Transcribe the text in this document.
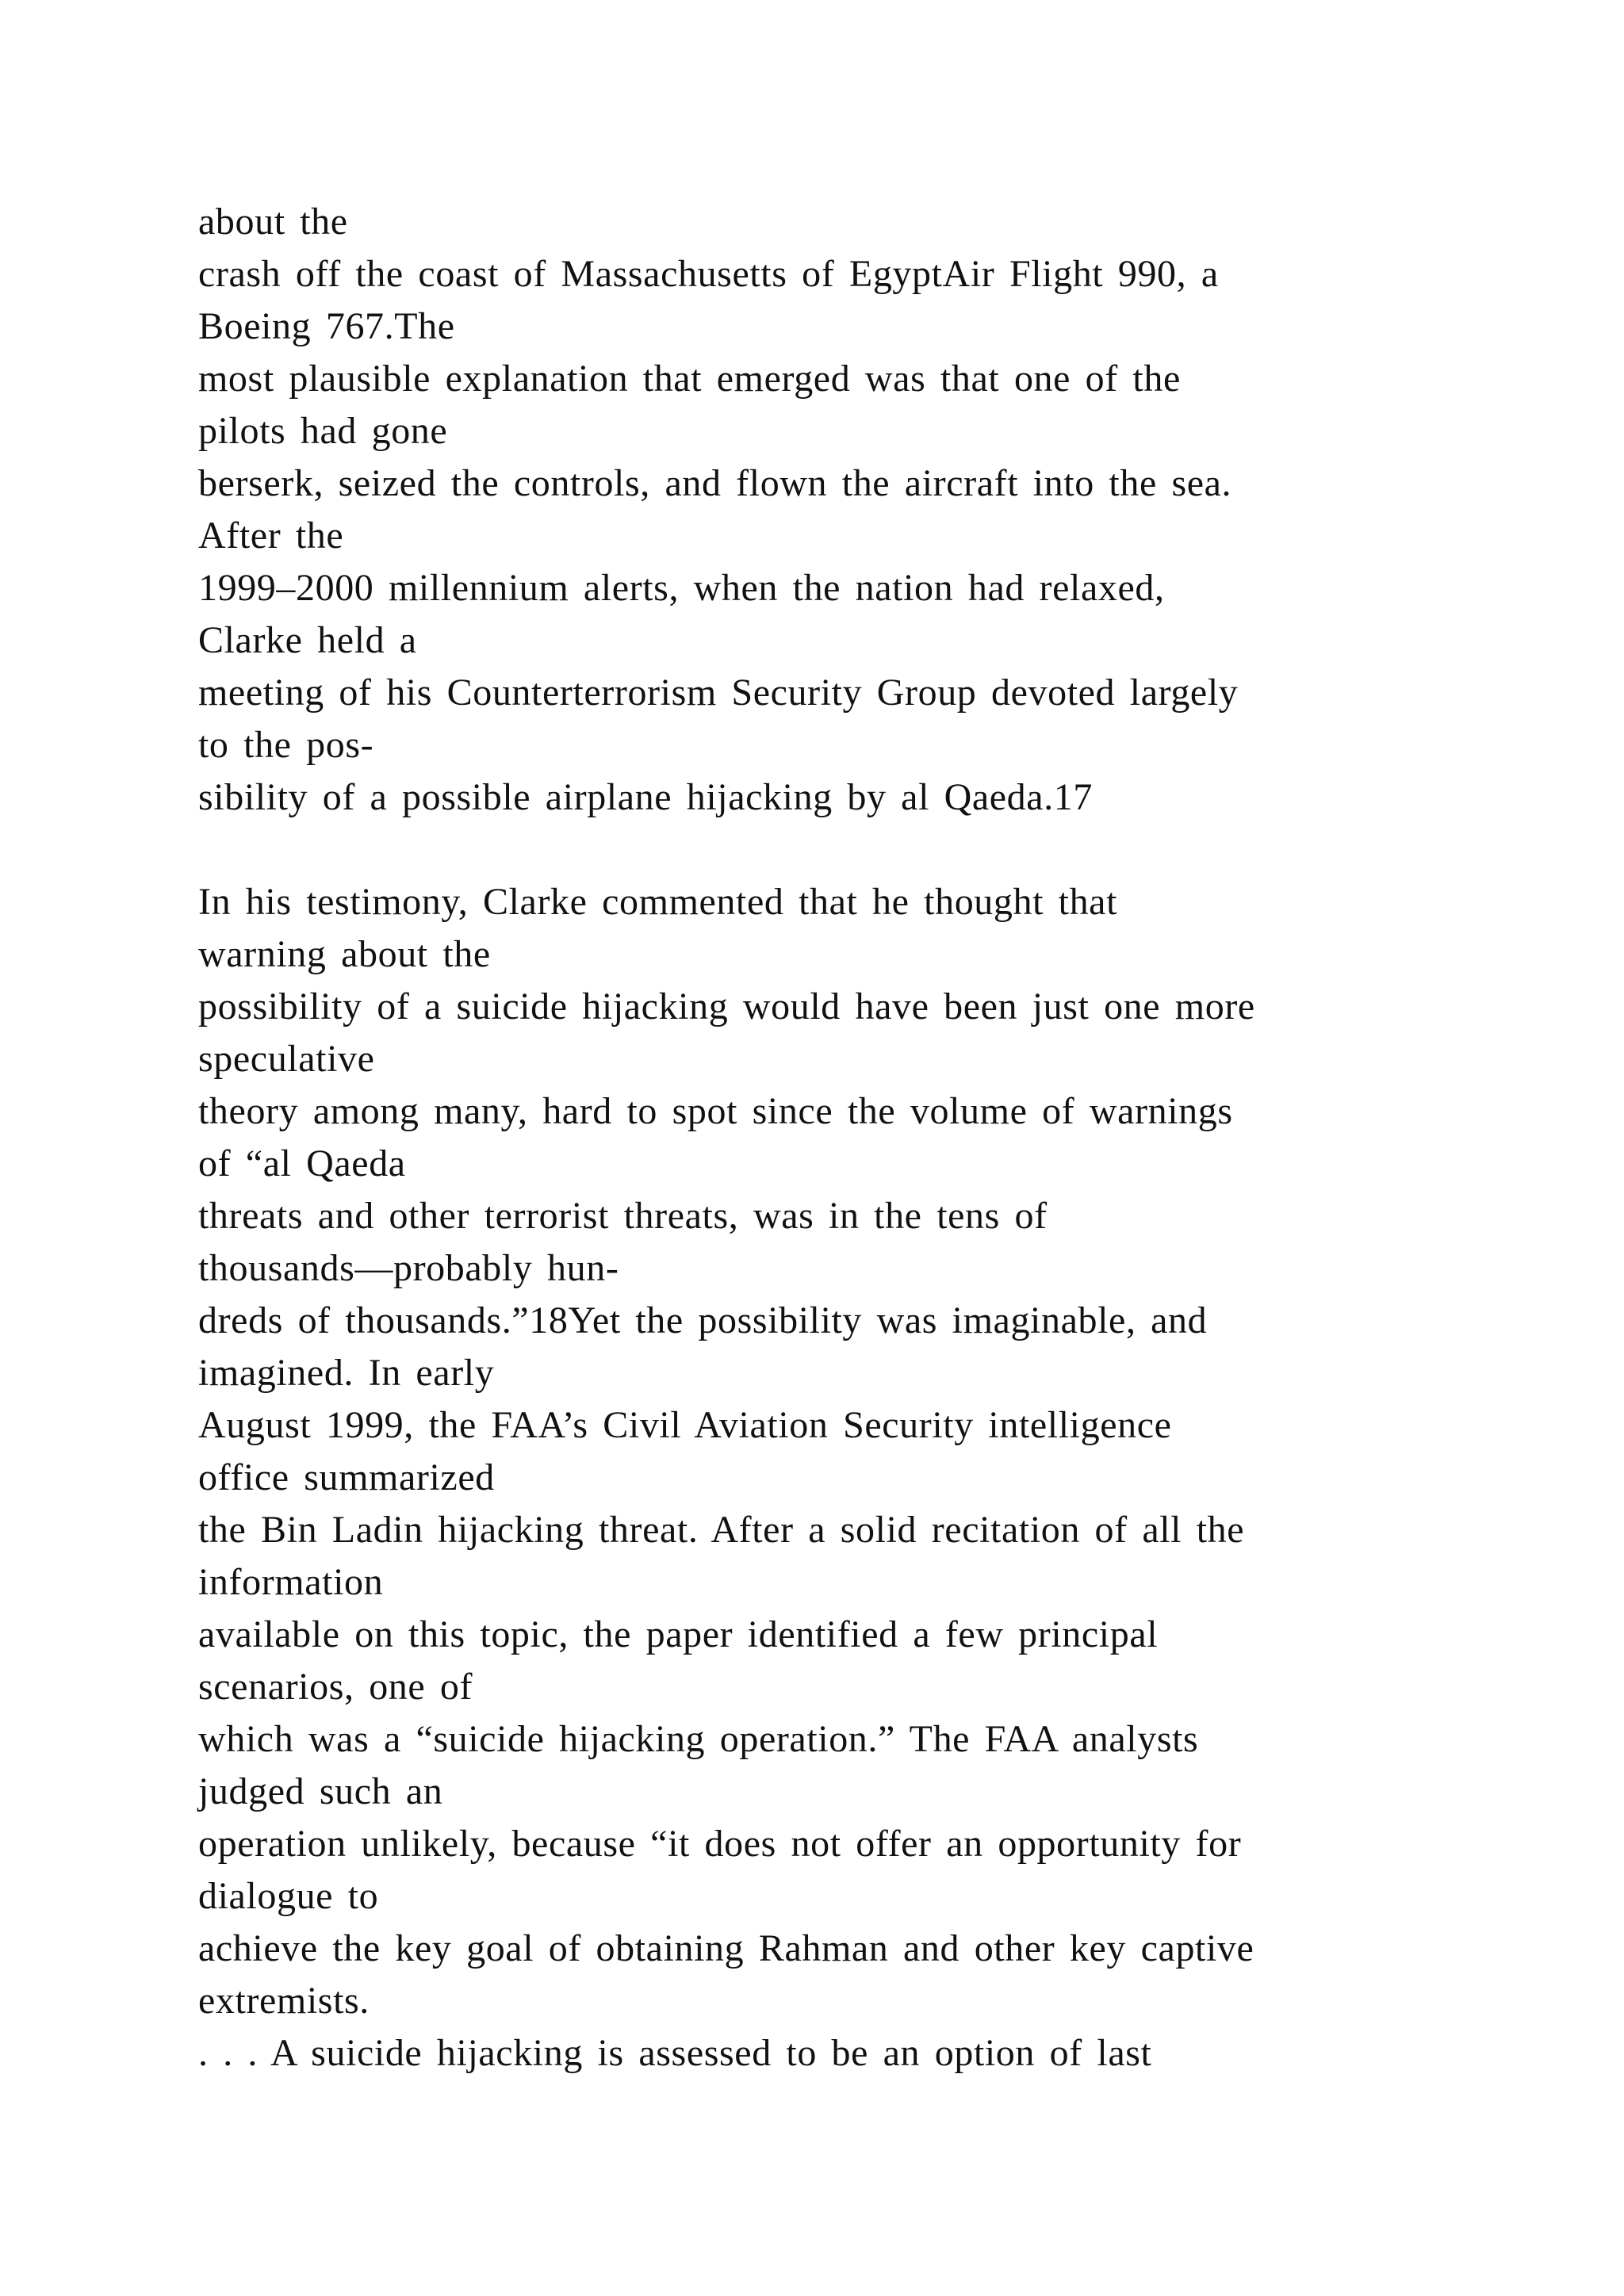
about the
crash off the coast of Massachusetts of EgyptAir Flight 990, a
Boeing 767.The
most plausible explanation that emerged was that one of the
pilots had gone
berserk, seized the controls, and flown the aircraft into the sea.
After the
1999–2000 millennium alerts, when the nation had relaxed,
Clarke held a
meeting of his Counterterrorism Security Group devoted largely
to the pos-
sibility of a possible airplane hijacking by al Qaeda.17
In his testimony, Clarke commented that he thought that
warning about the
possibility of a suicide hijacking would have been just one more
speculative
theory among many, hard to spot since the volume of warnings
of “al Qaeda
threats and other terrorist threats, was in the tens of
thousands—probably hun-
dreds of thousands.”18Yet the possibility was imaginable, and
imagined. In early
August 1999, the FAA’s Civil Aviation Security intelligence
office summarized
the Bin Ladin hijacking threat. After a solid recitation of all the
information
available on this topic, the paper identified a few principal
scenarios, one of
which was a “suicide hijacking operation.” The FAA analysts
judged such an
operation unlikely, because “it does not offer an opportunity for
dialogue to
achieve the key goal of obtaining Rahman and other key captive
extremists.
. . . A suicide hijacking is assessed to be an option of last
